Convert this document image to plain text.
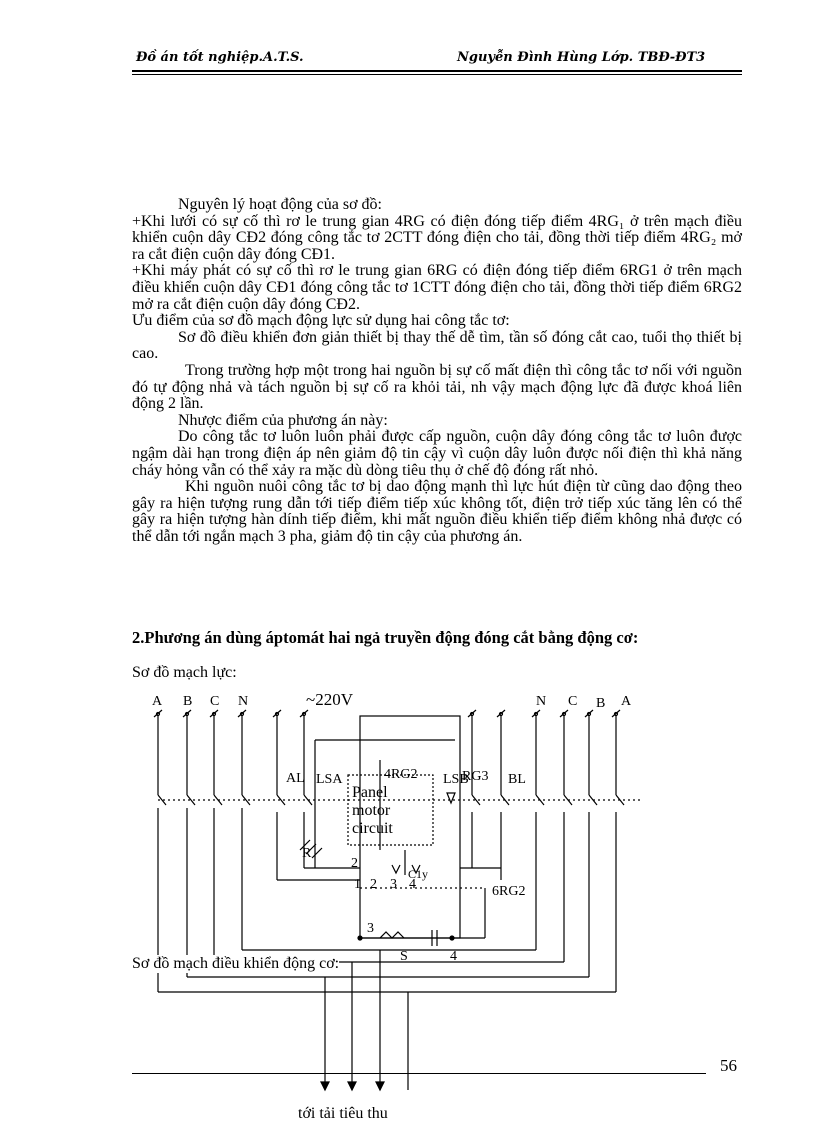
Đồ án tốt nghiệp.A.T.S.	Nguyễn Đình Hùng Lớp. TBĐ-ĐT3

Nguyên lý hoạt động của sơ đồ:

+Khi lưới có sự cố thì rơ le trung gian 4RG có điện đóng tiếp điểm 4RG₁ ở trên mạch điều khiển cuộn dây CĐ2 đóng công tắc tơ 2CTT đóng điện cho tải, đồng thời tiếp điểm 4RG₂ mở ra cắt điện cuộn dây đóng CĐ1.

+Khi máy phát có sự cố thì rơ le trung gian 6RG có điện đóng tiếp điểm 6RG1 ở trên mạch điều khiển cuộn dây CĐ1 đóng công tắc tơ 1CTT đóng điện cho tải, đồng thời tiếp điểm 6RG2 mở ra cắt điện cuộn dây đóng CĐ2.

Ưu điểm của sơ đồ mạch động lực sử dụng hai công tắc tơ:

Sơ đồ điều khiển đơn giản thiết bị thay thế dễ tìm, tần số đóng cắt cao, tuổi thọ thiết bị cao.

Trong trường hợp một trong hai nguồn bị sự cố mất điện thì công tắc tơ nối với nguồn đó tự động nhả và tách nguồn bị sự cố ra khỏi tải, nh vậy mạch động lực đã được khoá liên động 2 lần.

Nhược điểm của phương án này:

Do công tắc tơ luôn luôn phải được cấp nguồn, cuộn dây đóng công tắc tơ luôn được ngậm dài hạn trong điện áp nên giảm độ tin cậy vì cuộn dây luôn được nối điện thì khả năng cháy hỏng vẫn có thể xảy ra mặc dù dòng tiêu thụ ở chế độ đóng rất nhỏ.

Khi nguồn nuôi công tắc tơ bị dao động mạnh thì lực hút điện từ cũng dao động theo gây ra hiện tượng rung dẫn tới tiếp điểm tiếp xúc không tốt, điện trở tiếp xúc tăng lên có thể gây ra hiện tượng hàn dính tiếp điểm, khi mất nguồn điều khiển tiếp điểm không nhả được có thể dẫn tới ngắn mạch 3 pha, giảm độ tin cậy của phương án.

2.Phương án dùng áptomát hai ngả truyền động đóng cắt bằng động cơ:
Sơ đồ mạch lực:
A B C N	N C B A
~220V
AL LSA	4RG2 LSB
RG3 BL
Panel
motor
circuit
R
2
1 2 3 4
C1y
6RG2
3
S	4
tới tải tiêu thu
Sơ đồ mạch điều khiển động cơ:
56
